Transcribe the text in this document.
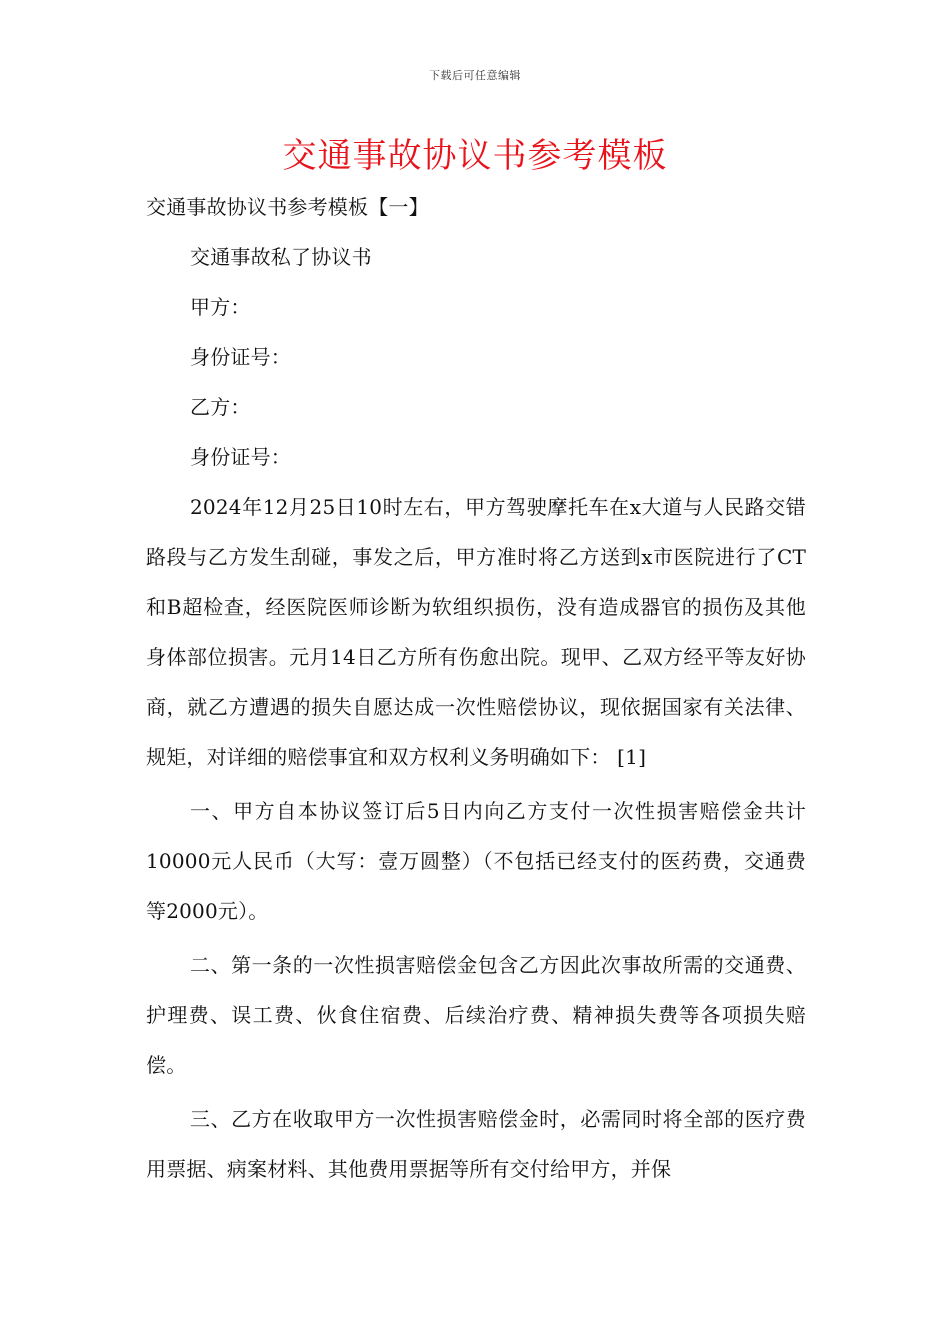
下载后可任意编辑
交通事故协议书参考模板

交通事故协议书参考模板【一】

交通事故私了协议书

甲方：

身份证号：

乙方：

身份证号：

2024年12月25日10时左右，甲方驾驶摩托车在x大道与人民路交错路段与乙方发生刮碰，事发之后，甲方准时将乙方送到x市医院进行了CT和B超检查，经医院医师诊断为软组织损伤，没有造成器官的损伤及其他身体部位损害。元月14日乙方所有伤愈出院。现甲、乙双方经平等友好协商，就乙方遭遇的损失自愿达成一次性赔偿协议，现依据国家有关法律、规矩，对详细的赔偿事宜和双方权利义务明确如下： [1]

一、甲方自本协议签订后5日内向乙方支付一次性损害赔偿金共计10000元人民币（大写：壹万圆整）（不包括已经支付的医药费，交通费等2000元）。

二、第一条的一次性损害赔偿金包含乙方因此次事故所需的交通费、护理费、误工费、伙食住宿费、后续治疗费、精神损失费等各项损失赔偿。

三、乙方在收取甲方一次性损害赔偿金时，必需同时将全部的医疗费用票据、病案材料、其他费用票据等所有交付给甲方，并保
